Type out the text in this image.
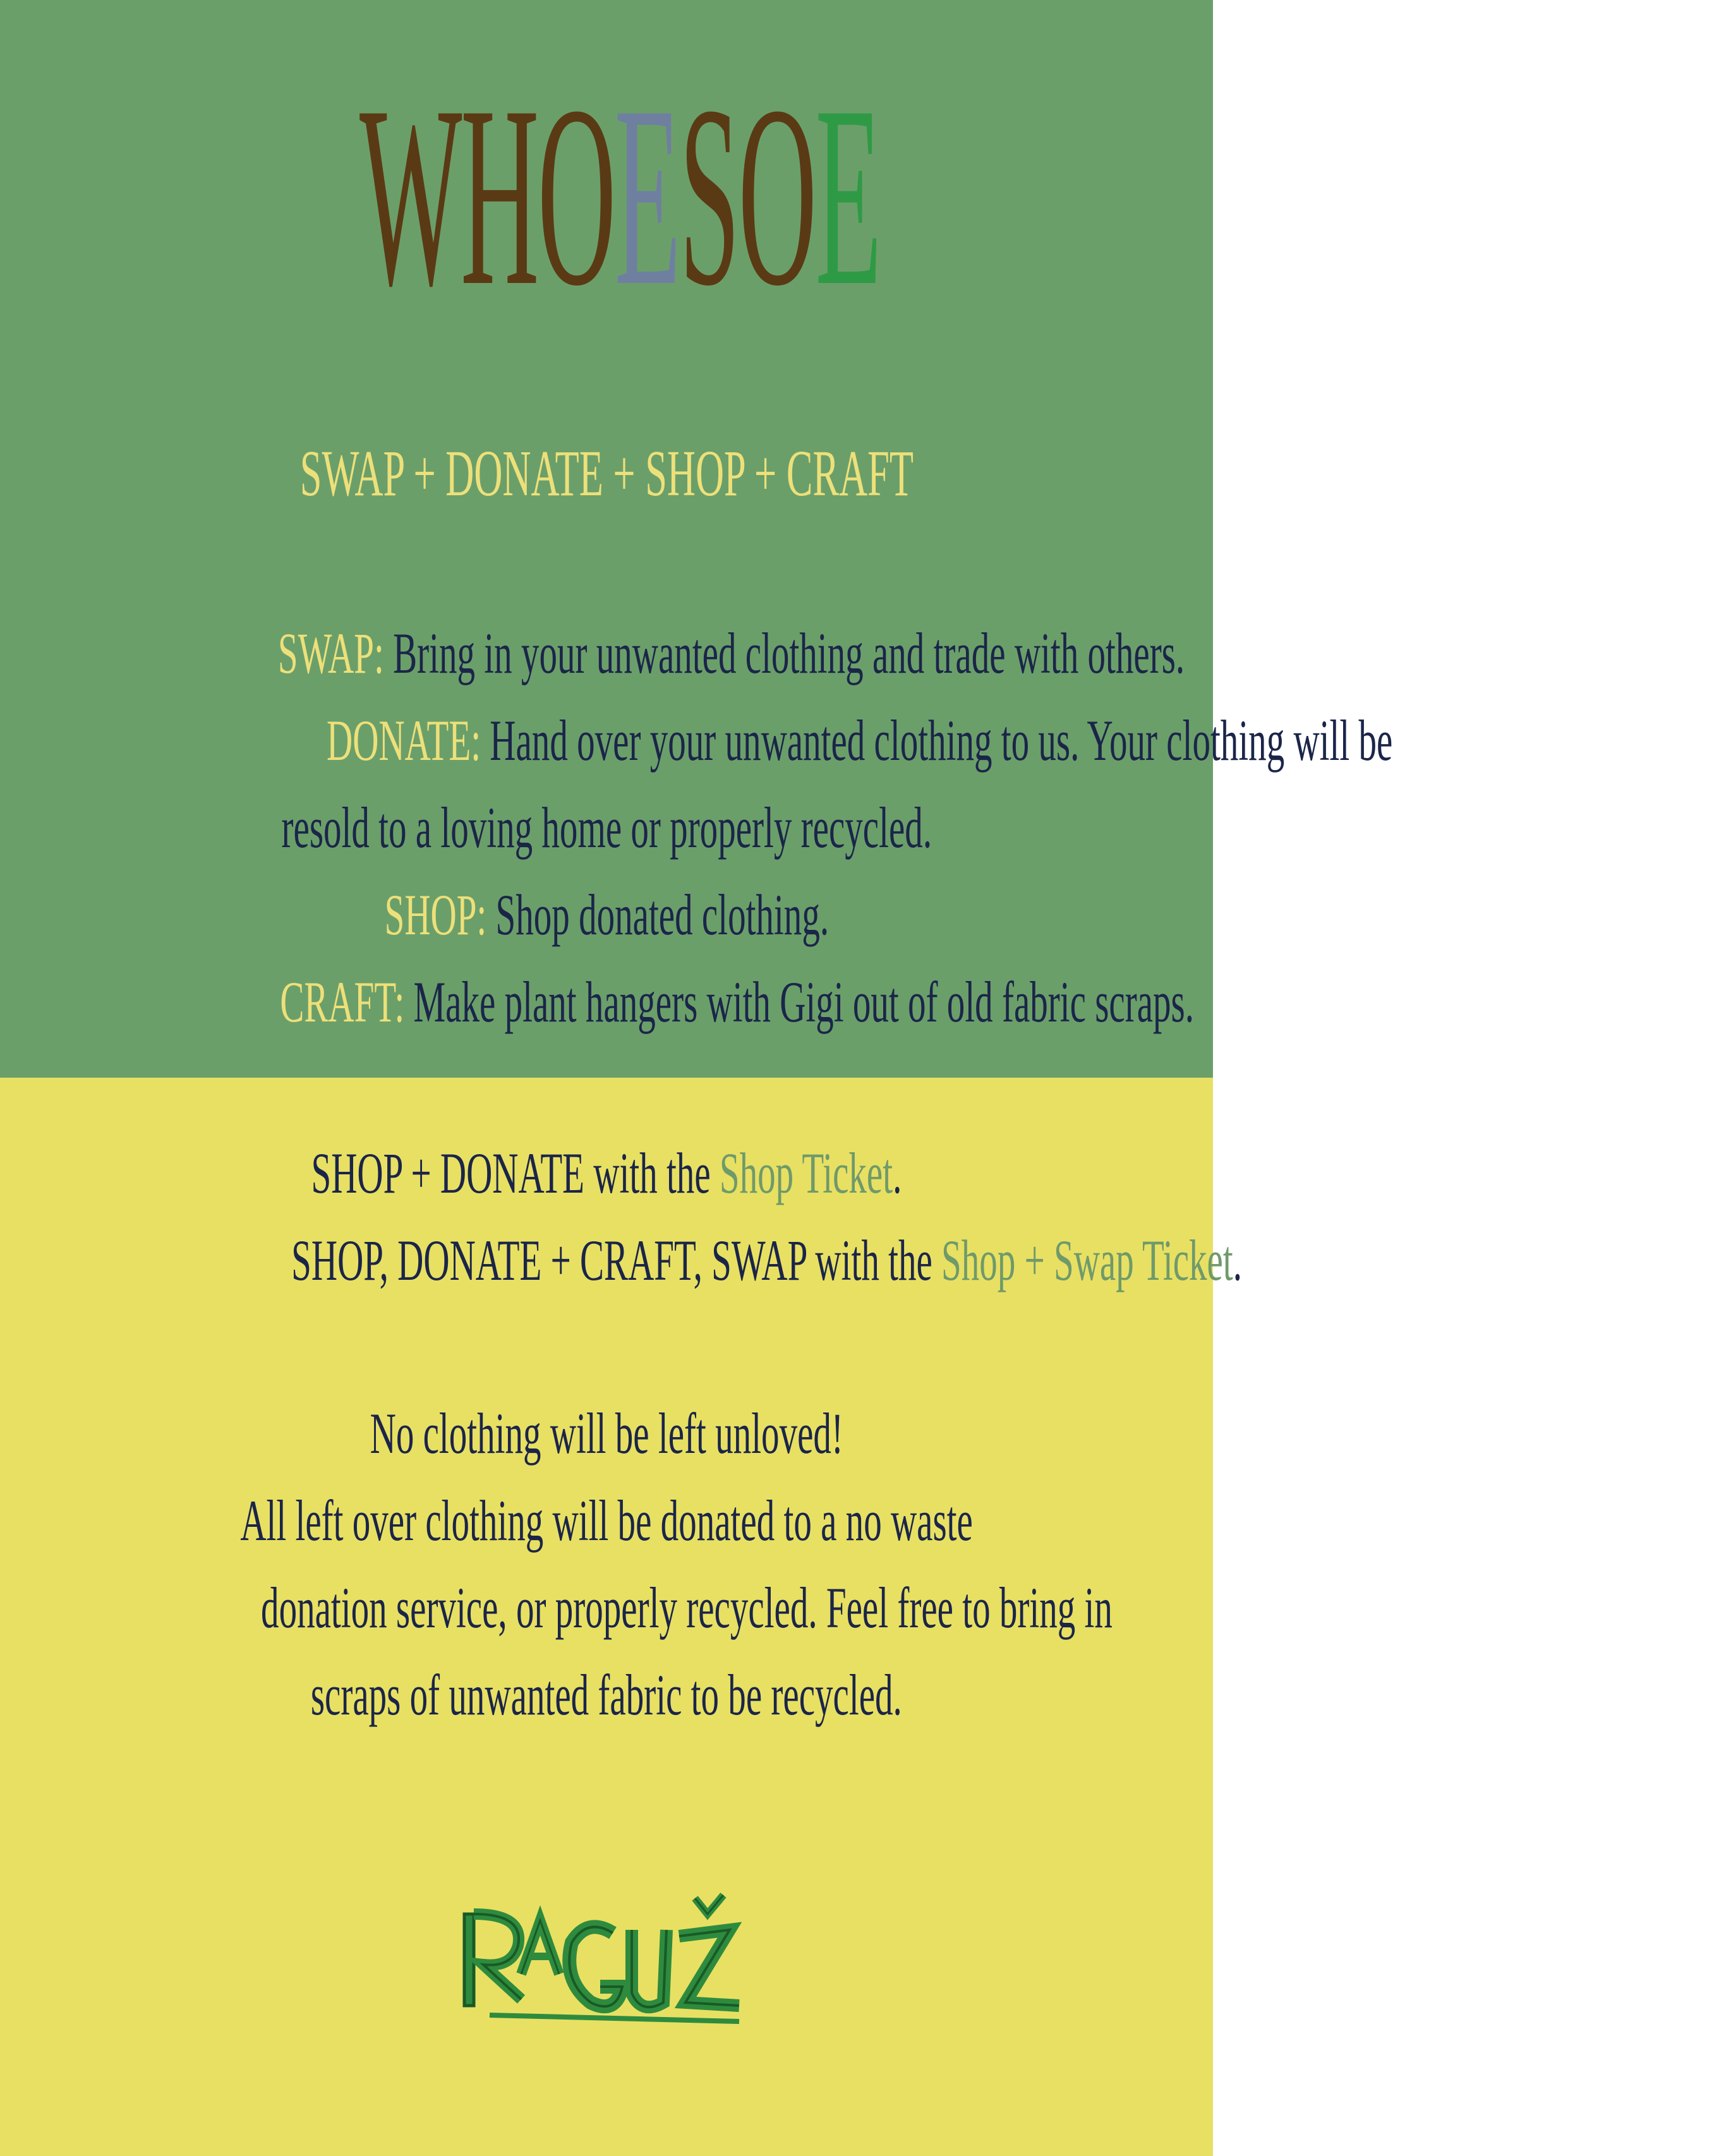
WHOESOE
SWAP + DONATE + SHOP + CRAFT
SWAP: Bring in your unwanted clothing and trade with others.
DONATE: Hand over your unwanted clothing to us. Your clothing will be
resold to a loving home or properly recycled.
SHOP: Shop donated clothing.
CRAFT: Make plant hangers with Gigi out of old fabric scraps.
SHOP + DONATE with the Shop Ticket.
SHOP, DONATE + CRAFT, SWAP with the Shop + Swap Ticket.
No clothing will be left unloved!
All left over clothing will be donated to a no waste
donation service, or properly recycled. Feel free to bring in
scraps of unwanted fabric to be recycled.
